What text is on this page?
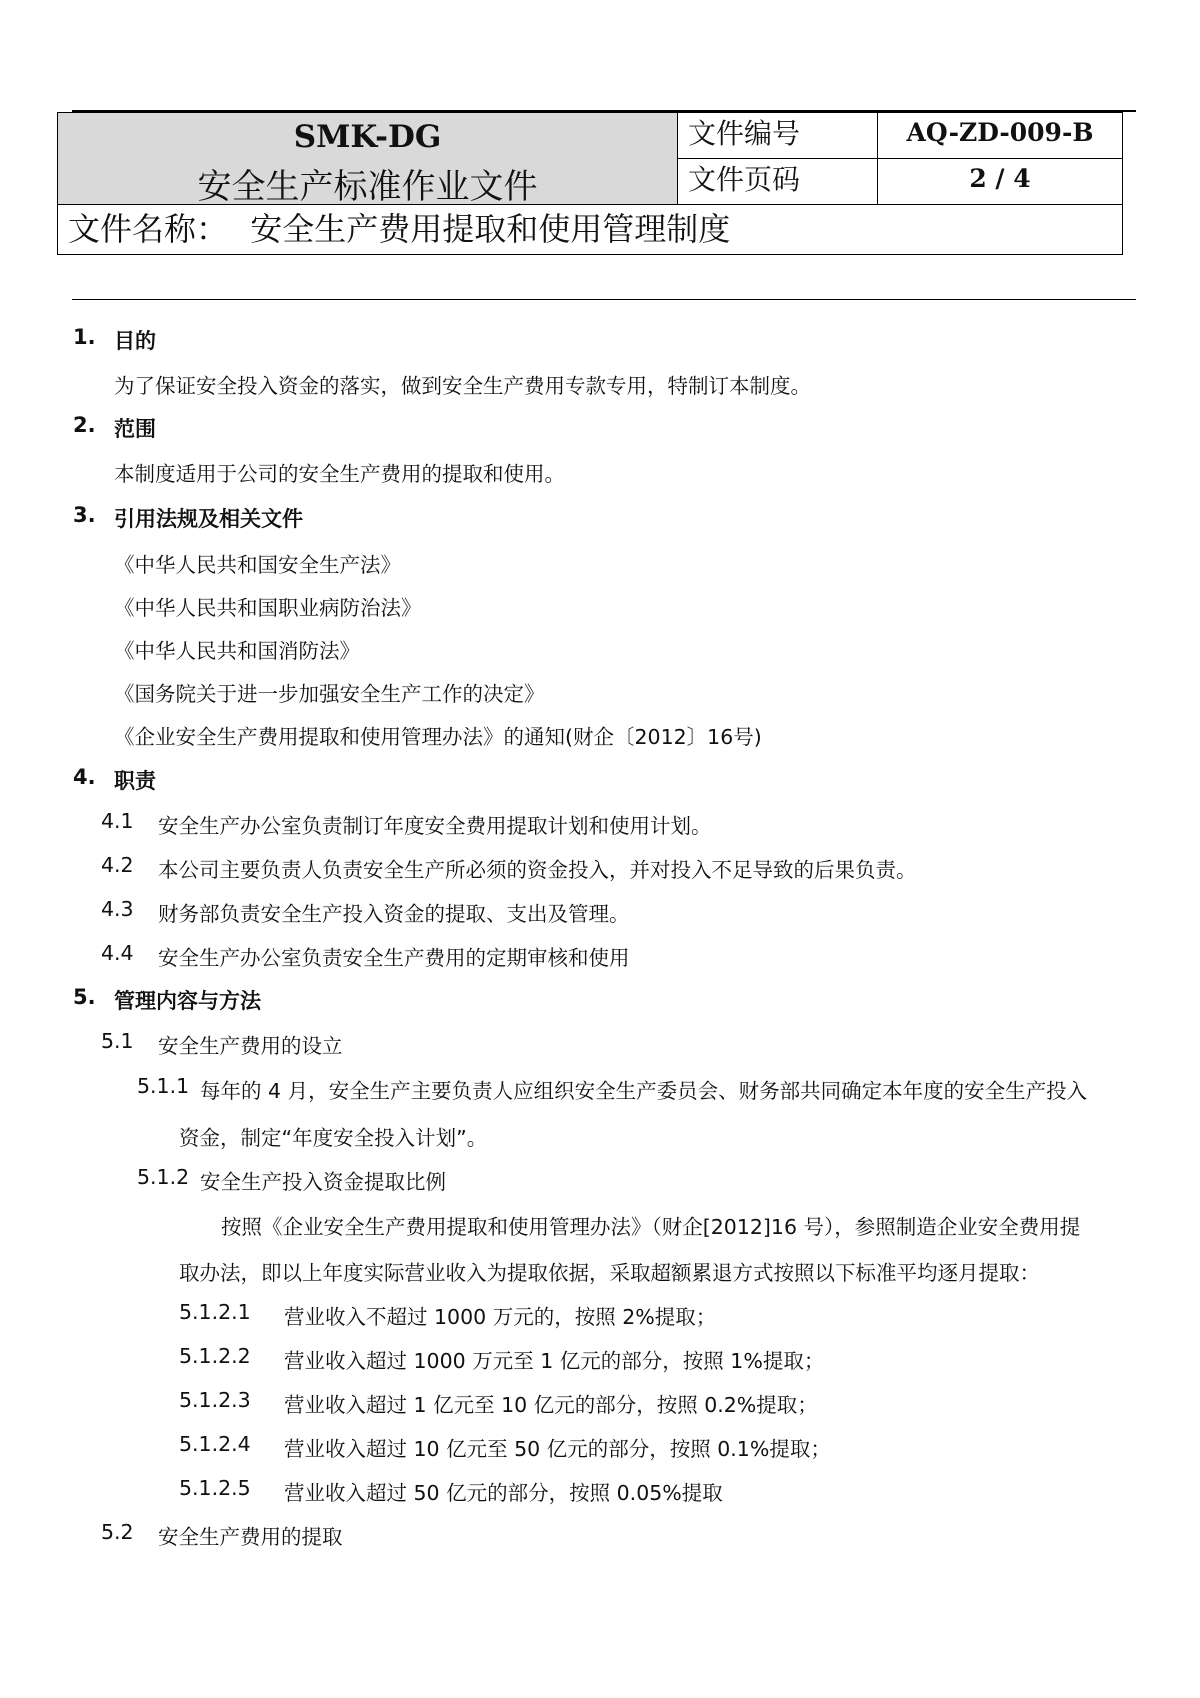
SMK-DG
安全生产标准作业文件
文件编号	AQ-ZD-009-B
文件页码	2 / 4
文件名称： 安全生产费用提取和使用管理制度
1. 目的
为了保证安全投入资金的落实，做到安全生产费用专款专用，特制订本制度。
2. 范围
本制度适用于公司的安全生产费用的提取和使用。
3. 引用法规及相关文件
《中华人民共和国安全生产法》
《中华人民共和国职业病防治法》
《中华人民共和国消防法》
《国务院关于进一步加强安全生产工作的决定》
《企业安全生产费用提取和使用管理办法》的通知(财企〔2012〕16号)
4. 职责
4.1 安全生产办公室负责制订年度安全费用提取计划和使用计划。
4.2 本公司主要负责人负责安全生产所必须的资金投入，并对投入不足导致的后果负责。
4.3 财务部负责安全生产投入资金的提取、支出及管理。
4.4 安全生产办公室负责安全生产费用的定期审核和使用
5. 管理内容与方法
5.1 安全生产费用的设立
5.1.1 每年的 4 月，安全生产主要负责人应组织安全生产委员会、财务部共同确定本年度的安全生产投入
资金，制定“年度安全投入计划”。
5.1.2 安全生产投入资金提取比例
按照《企业安全生产费用提取和使用管理办法》（财企[2012]16 号），参照制造企业安全费用提
取办法，即以上年度实际营业收入为提取依据，采取超额累退方式按照以下标准平均逐月提取：
5.1.2.1 营业收入不超过 1000 万元的，按照 2%提取；
5.1.2.2 营业收入超过 1000 万元至 1 亿元的部分，按照 1%提取；
5.1.2.3 营业收入超过 1 亿元至 10 亿元的部分，按照 0.2%提取；
5.1.2.4 营业收入超过 10 亿元至 50 亿元的部分，按照 0.1%提取；
5.1.2.5 营业收入超过 50 亿元的部分，按照 0.05%提取
5.2 安全生产费用的提取
